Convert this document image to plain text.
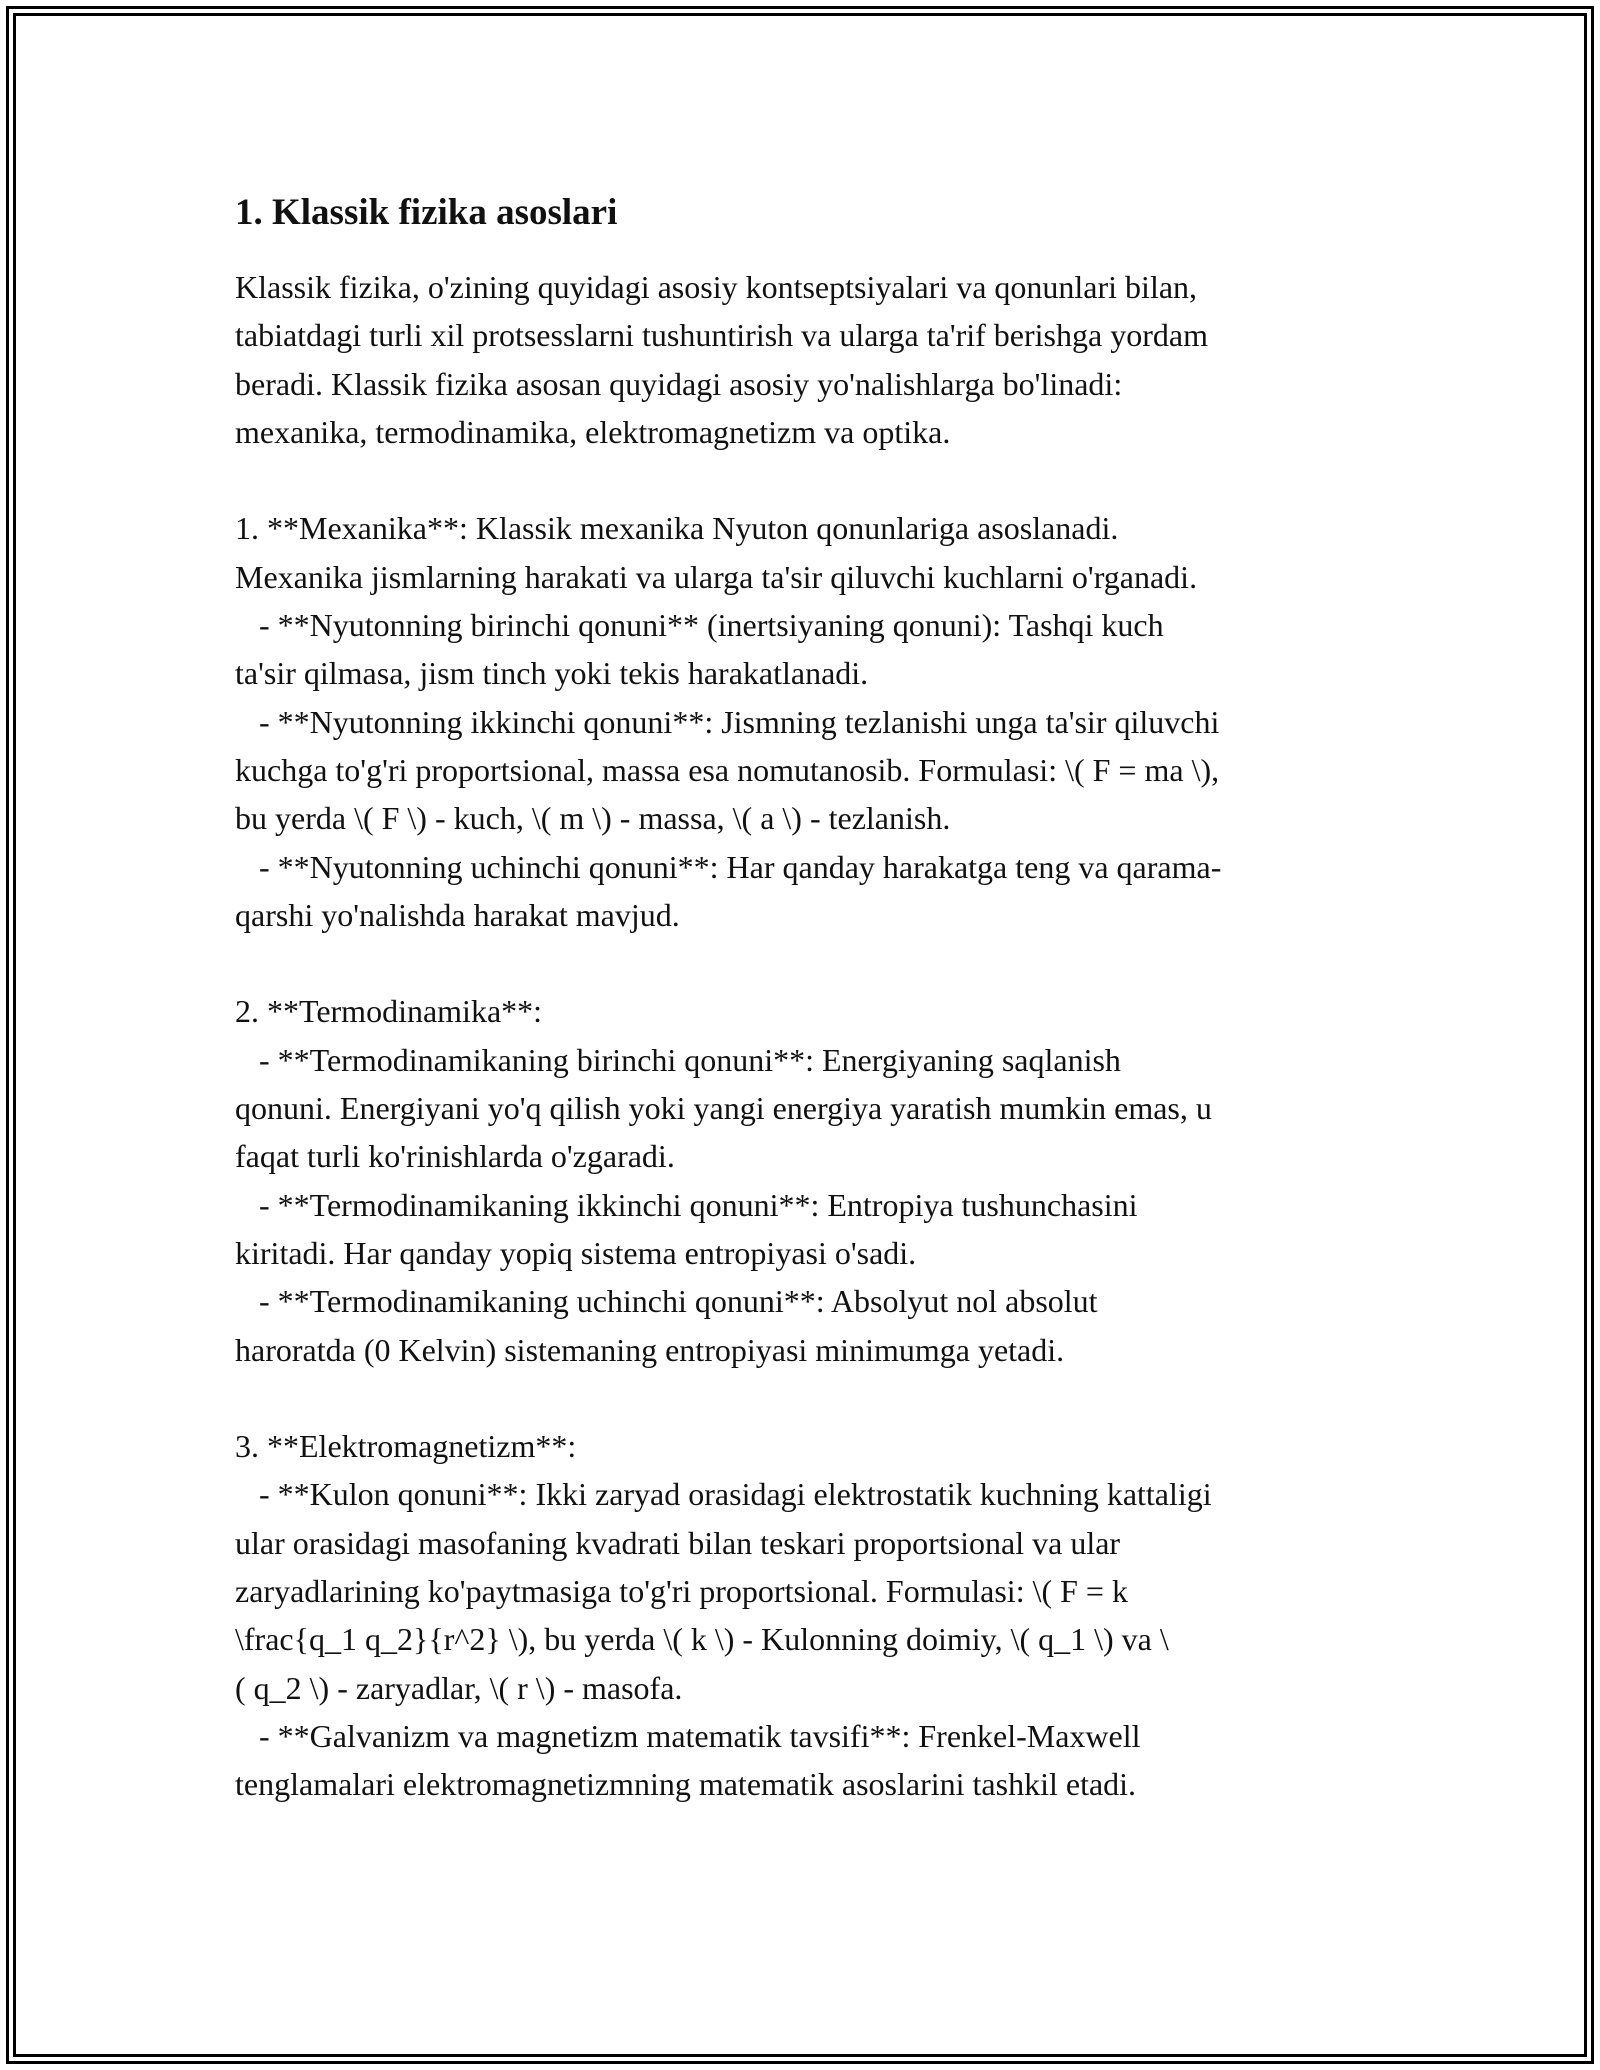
1. Klassik fizika asoslari

Klassik fizika, o'zining quyidagi asosiy kontseptsiyalari va qonunlari bilan,
tabiatdagi turli xil protsesslarni tushuntirish va ularga ta'rif berishga yordam
beradi. Klassik fizika asosan quyidagi asosiy yo'nalishlarga bo'linadi:
mexanika, termodinamika, elektromagnetizm va optika.

1. **Mexanika**: Klassik mexanika Nyuton qonunlariga asoslanadi.
Mexanika jismlarning harakati va ularga ta'sir qiluvchi kuchlarni o'rganadi.
- **Nyutonning birinchi qonuni** (inertsiyaning qonuni): Tashqi kuch
ta'sir qilmasa, jism tinch yoki tekis harakatlanadi.
- **Nyutonning ikkinchi qonuni**: Jismning tezlanishi unga ta'sir qiluvchi
kuchga to'g'ri proportsional, massa esa nomutanosib. Formulasi: \( F = ma \),
bu yerda \( F \) - kuch, \( m \) - massa, \( a \) - tezlanish.
- **Nyutonning uchinchi qonuni**: Har qanday harakatga teng va qarama-
qarshi yo'nalishda harakat mavjud.

2. **Termodinamika**:
- **Termodinamikaning birinchi qonuni**: Energiyaning saqlanish
qonuni. Energiyani yo'q qilish yoki yangi energiya yaratish mumkin emas, u
faqat turli ko'rinishlarda o'zgaradi.
- **Termodinamikaning ikkinchi qonuni**: Entropiya tushunchasini
kiritadi. Har qanday yopiq sistema entropiyasi o'sadi.
- **Termodinamikaning uchinchi qonuni**: Absolyut nol absolut
haroratda (0 Kelvin) sistemaning entropiyasi minimumga yetadi.

3. **Elektromagnetizm**:
- **Kulon qonuni**: Ikki zaryad orasidagi elektrostatik kuchning kattaligi
ular orasidagi masofaning kvadrati bilan teskari proportsional va ular
zaryadlarining ko'paytmasiga to'g'ri proportsional. Formulasi: \( F = k
\frac{q_1 q_2}{r^2} \), bu yerda \( k \) - Kulonning doimiy, \( q_1 \) va \
( q_2 \) - zaryadlar, \( r \) - masofa.
- **Galvanizm va magnetizm matematik tavsifi**: Frenkel-Maxwell
tenglamalari elektromagnetizmning matematik asoslarini tashkil etadi.
